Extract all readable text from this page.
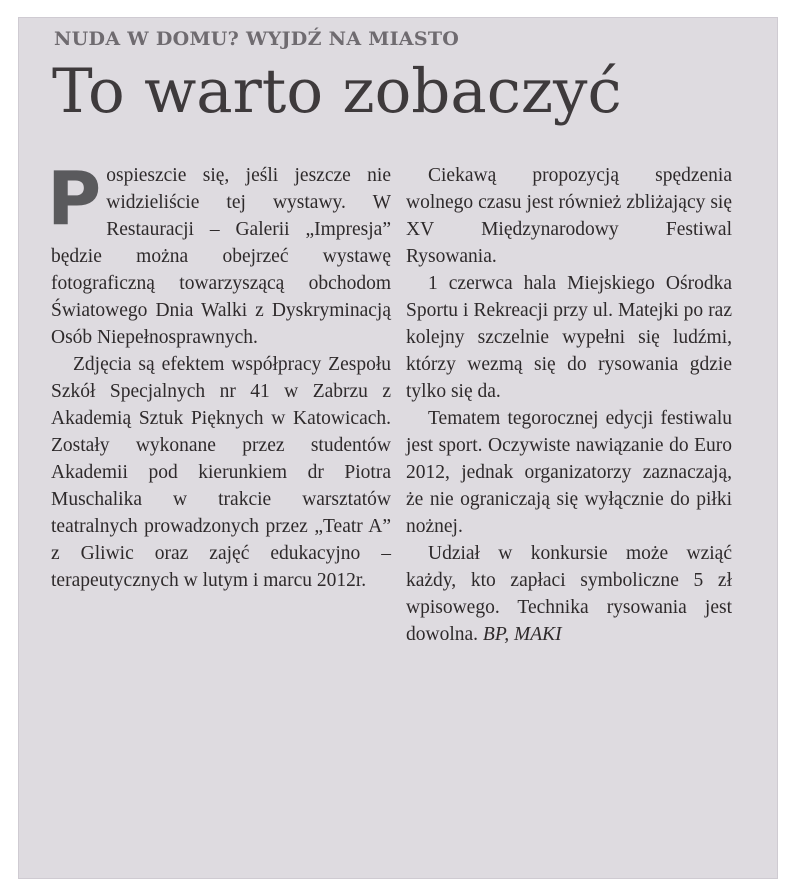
NUDA W DOMU? WYJDŹ NA MIASTO
To warto zobaczyć

Pospieszcie się, jeśli jeszcze nie widzieliście tej wystawy. W Restauracji – Galerii „Impresja” będzie można obejrzeć wystawę fotograficzną towarzyszącą obchodom Światowego Dnia Walki z Dyskryminacją Osób Niepełnosprawnych.

Zdjęcia są efektem współpracy Zespołu Szkół Specjalnych nr 41 w Zabrzu z Akademią Sztuk Pięknych w Katowicach. Zostały wykonane przez studentów Akademii pod kierunkiem dr Piotra Muschalika w trakcie warsztatów teatralnych prowadzonych przez „Teatr A” z Gliwic oraz zajęć edukacyjno – terapeutycznych w lutym i marcu 2012r.

Ciekawą propozycją spędzenia wolnego czasu jest również zbliżający się XV Międzynarodowy Festiwal Rysowania.

1 czerwca hala Miejskiego Ośrodka Sportu i Rekreacji przy ul. Matejki po raz kolejny szczelnie wypełni się ludźmi, którzy wezmą się do rysowania gdzie tylko się da.

Tematem tegorocznej edycji festiwalu jest sport. Oczywiste nawiązanie do Euro 2012, jednak organizatorzy zaznaczają, że nie ograniczają się wyłącznie do piłki nożnej.

Udział w konkursie może wziąć każdy, kto zapłaci symboliczne 5 zł wpisowego. Technika rysowania jest dowolna. BP, MAKI
